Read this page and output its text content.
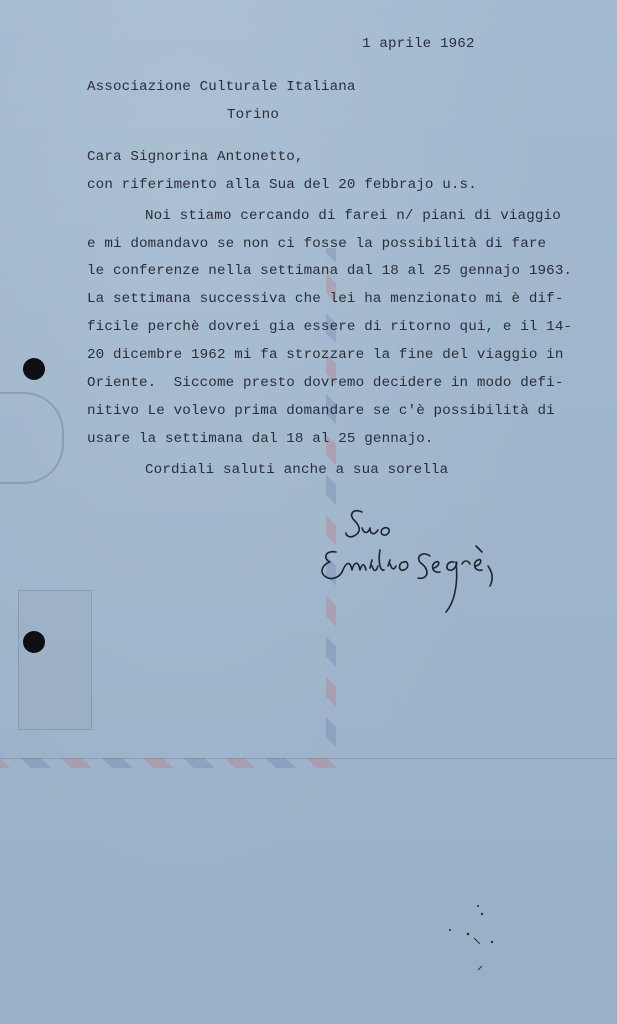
1 aprile 1962
Associazione Culturale Italiana
Torino
Cara Signorina Antonetto,
con riferimento alla Sua del 20 febbrajo u.s.
Noi stiamo cercando di farei n/ piani di viaggio
e mi domandavo se non ci fosse la possibilità di fare
le conferenze nella settimana dal 18 al 25 gennajo 1963.
La settimana successiva che lei ha menzionato mi è dif-
ficile perchè dovrei gia essere di ritorno qui, e il 14-
20 dicembre 1962 mi fa strozzare la fine del viaggio in
Oriente.  Siccome presto dovremo decidere in modo defi-
nitivo Le volevo prima domandare se c'è possibilità di
usare la settimana dal 18 al 25 gennajo.
Cordiali saluti anche a sua sorella
